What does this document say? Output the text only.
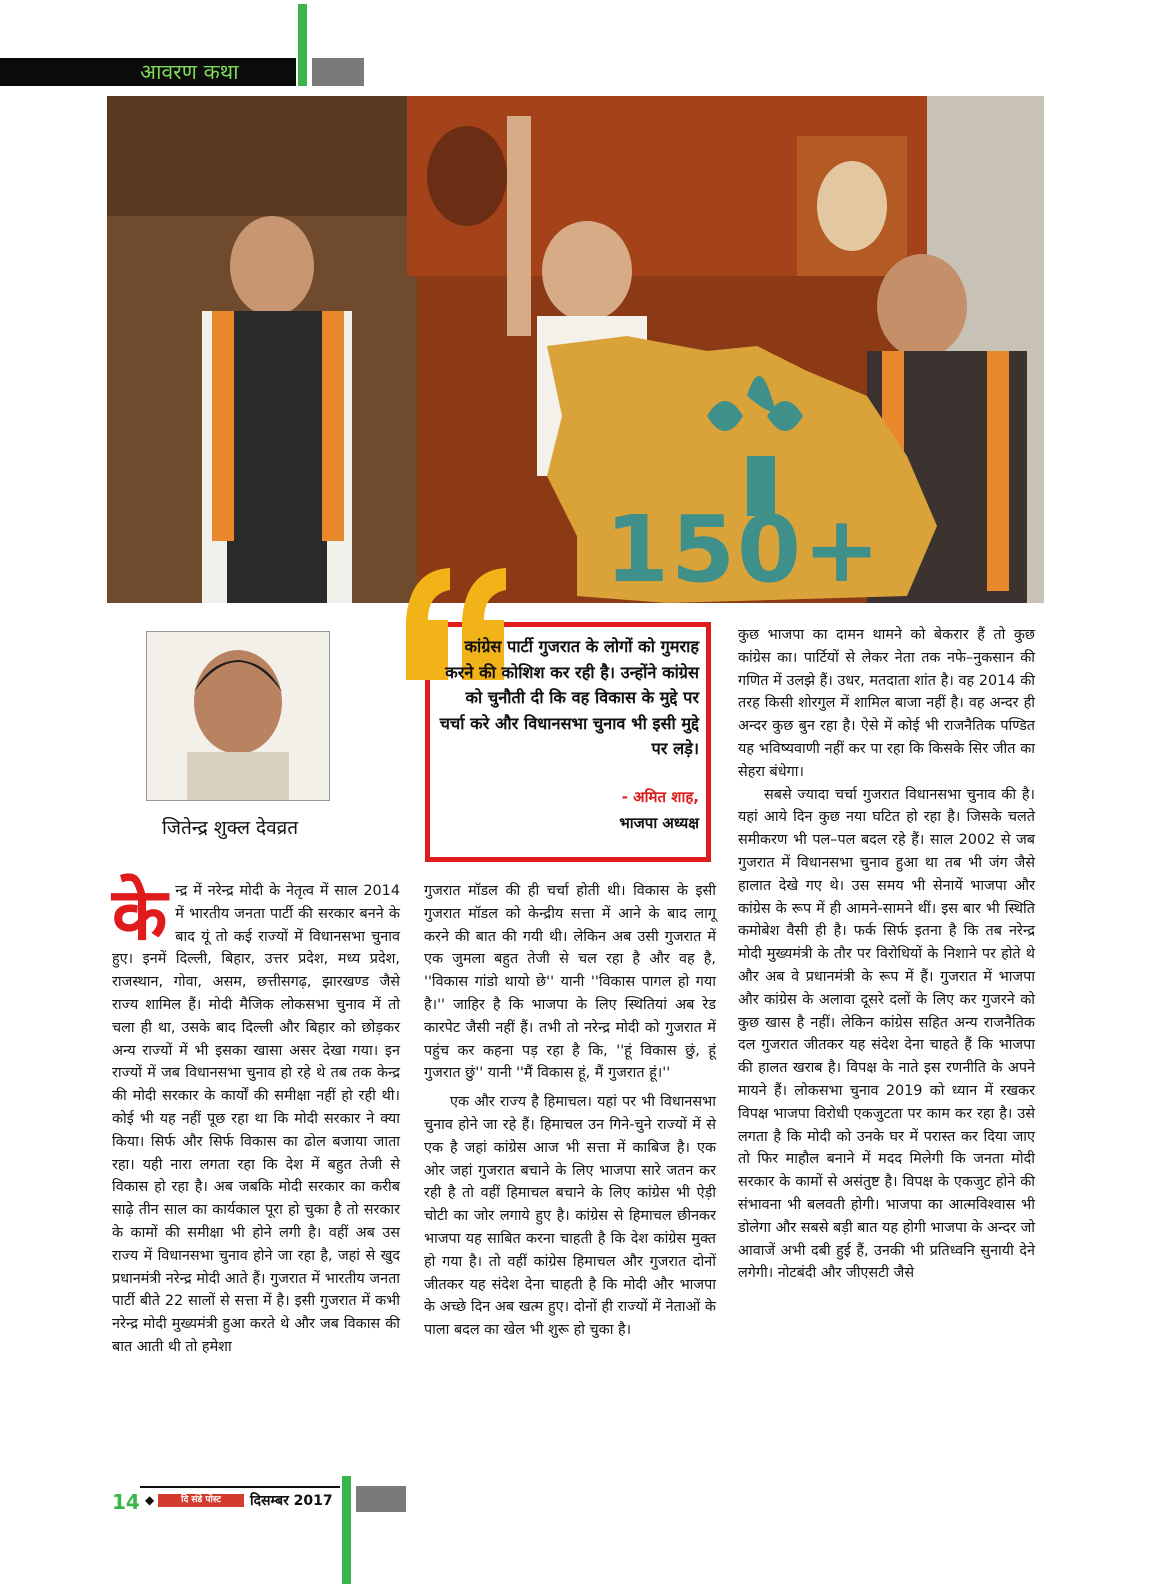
आवरण कथा
150+
जितेन्द्र शुक्ल देवव्रत
कांग्रेस पार्टी गुजरात के लोगों को गुमराह करने की कोशिश कर रही है। उन्होंने कांग्रेस को चुनौती दी कि वह विकास के मुद्दे पर चर्चा करे और विधानसभा चुनाव भी इसी मुद्दे पर लड़े।
- अमित शाह,
भाजपा अध्यक्ष
के न्द्र में नरेन्द्र मोदी के नेतृत्व में साल 2014 में भारतीय जनता पार्टी की सरकार बनने के बाद यूं तो कई राज्यों में विधानसभा चुनाव हुए। इनमें दिल्ली, बिहार, उत्तर प्रदेश, मध्य प्रदेश, राजस्थान, गोवा, असम, छत्तीसगढ़, झारखण्ड जैसे राज्य शामिल हैं। मोदी मैजिक लोकसभा चुनाव में तो चला ही था, उसके बाद दिल्ली और बिहार को छोड़कर अन्य राज्यों में भी इसका खासा असर देखा गया। इन राज्यों में जब विधानसभा चुनाव हो रहे थे तब तक केन्द्र की मोदी सरकार के कार्यों की समीक्षा नहीं हो रही थी। कोई भी यह नहीं पूछ रहा था कि मोदी सरकार ने क्या किया। सिर्फ और सिर्फ विकास का ढोल बजाया जाता रहा। यही नारा लगता रहा कि देश में बहुत तेजी से विकास हो रहा है। अब जबकि मोदी सरकार का करीब साढ़े तीन साल का कार्यकाल पूरा हो चुका है तो सरकार के कामों की समीक्षा भी होने लगी है। वहीं अब उस राज्य में विधानसभा चुनाव होने जा रहा है, जहां से खुद प्रधानमंत्री नरेन्द्र मोदी आते हैं। गुजरात में भारतीय जनता पार्टी बीते 22 सालों से सत्ता में है। इसी गुजरात में कभी नरेन्द्र मोदी मुख्यमंत्री हुआ करते थे और जब विकास की बात आती थी तो हमेशा

गुजरात मॉडल की ही चर्चा होती थी। विकास के इसी गुजरात मॉडल को केन्द्रीय सत्ता में आने के बाद लागू करने की बात की गयी थी। लेकिन अब उसी गुजरात में एक जुमला बहुत तेजी से चल रहा है और वह है, ''विकास गांडो थायो छे'' यानी ''विकास पागल हो गया है।'' जाहिर है कि भाजपा के लिए स्थितियां अब रेड कारपेट जैसी नहीं हैं। तभी तो नरेन्द्र मोदी को गुजरात में पहुंच कर कहना पड़ रहा है कि, ''हूं विकास छुं, हूं गुजरात छुं'' यानी ''मैं विकास हूं, मैं गुजरात हूं।''

एक और राज्य है हिमाचल। यहां पर भी विधानसभा चुनाव होने जा रहे हैं। हिमाचल उन गिने-चुने राज्यों में से एक है जहां कांग्रेस आज भी सत्ता में काबिज है। एक ओर जहां गुजरात बचाने के लिए भाजपा सारे जतन कर रही है तो वहीं हिमाचल बचाने के लिए कांग्रेस भी ऐड़ी चोटी का जोर लगाये हुए है। कांग्रेस से हिमाचल छीनकर भाजपा यह साबित करना चाहती है कि देश कांग्रेस मुक्त हो गया है। तो वहीं कांग्रेस हिमाचल और गुजरात दोनों जीतकर यह संदेश देना चाहती है कि मोदी और भाजपा के अच्छे दिन अब खत्म हुए। दोनों ही राज्यों में नेताओं के पाला बदल का खेल भी शुरू हो चुका है।

कुछ भाजपा का दामन थामने को बेकरार हैं तो कुछ कांग्रेस का। पार्टियों से लेकर नेता तक नफे–नुकसान की गणित में उलझे हैं। उधर, मतदाता शांत है। वह 2014 की तरह किसी शोरगुल में शामिल बाजा नहीं है। वह अन्दर ही अन्दर कुछ बुन रहा है। ऐसे में कोई भी राजनैतिक पण्डित यह भविष्यवाणी नहीं कर पा रहा कि किसके सिर जीत का सेहरा बंधेगा।

सबसे ज्यादा चर्चा गुजरात विधानसभा चुनाव की है। यहां आये दिन कुछ नया घटित हो रहा है। जिसके चलते समीकरण भी पल–पल बदल रहे हैं। साल 2002 से जब गुजरात में विधानसभा चुनाव हुआ था तब भी जंग जैसे हालात देखे गए थे। उस समय भी सेनायें भाजपा और कांग्रेस के रूप में ही आमने-सामने थीं। इस बार भी स्थिति कमोबेश वैसी ही है। फर्क सिर्फ इतना है कि तब नरेन्द्र मोदी मुख्यमंत्री के तौर पर विरोधियों के निशाने पर होते थे और अब वे प्रधानमंत्री के रूप में हैं। गुजरात में भाजपा और कांग्रेस के अलावा दूसरे दलों के लिए कर गुजरने को कुछ खास है नहीं। लेकिन कांग्रेस सहित अन्य राजनैतिक दल गुजरात जीतकर यह संदेश देना चाहते हैं कि भाजपा की हालत खराब है। विपक्ष के नाते इस रणनीति के अपने मायने हैं। लोकसभा चुनाव 2019 को ध्यान में रखकर विपक्ष भाजपा विरोधी एकजुटता पर काम कर रहा है। उसे लगता है कि मोदी को उनके घर में परास्त कर दिया जाए तो फिर माहौल बनाने में मदद मिलेगी कि जनता मोदी सरकार के कामों से असंतुष्ट है। विपक्ष के एकजुट होने की संभावना भी बलवती होगी। भाजपा का आत्मविश्वास भी डोलेगा और सबसे बड़ी बात यह होगी भाजपा के अन्दर जो आवाजें अभी दबी हुई हैं, उनकी भी प्रतिध्वनि सुनायी देने लगेगी। नोटबंदी और जीएसटी जैसे

14 ◆	दि संडे पोस्ट	दिसम्बर 2017
